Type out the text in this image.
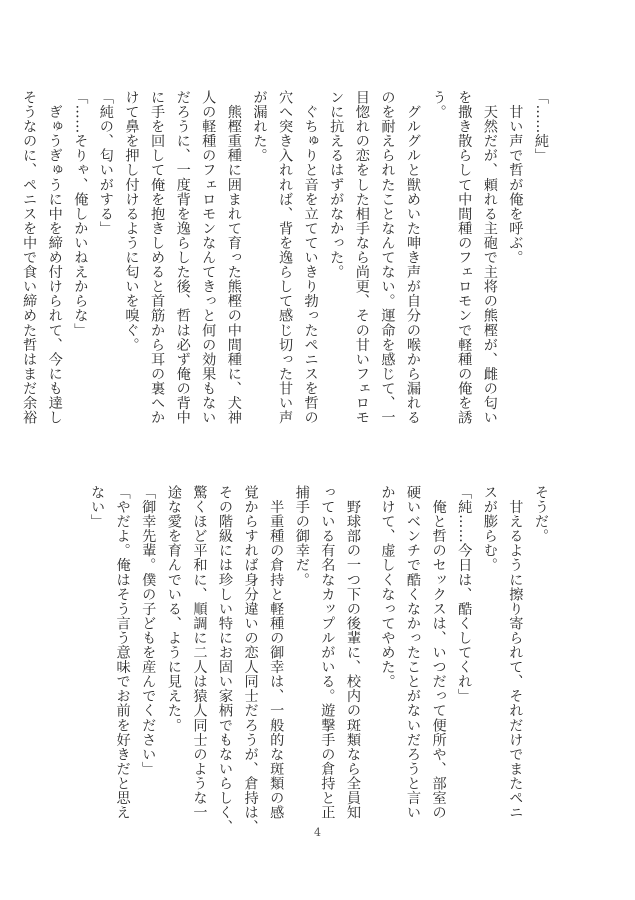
「……純」

　甘い声で哲が俺を呼ぶ。

　天然だが、頼れる主砲で主将の熊樫が、雌の匂い

を撒き散らして中間種のフェロモンで軽種の俺を誘

う。

　グルグルと獣めいた呻き声が自分の喉から漏れる

のを耐えられたことなんてない。運命を感じて、一

目惚れの恋をした相手なら尚更、その甘いフェロモ

ンに抗えるはずがなかった。

　ぐちゅりと音を立てていきり勃ったペニスを哲の

穴へ突き入れれば、背を逸らして感じ切った甘い声

が漏れた。

　熊樫重種に囲まれて育った熊樫の中間種に、犬神

人の軽種のフェロモンなんてきっと何の効果もない

だろうに、一度背を逸らした後、哲は必ず俺の背中

に手を回して俺を抱きしめると首筋から耳の裏へか

けて鼻を押し付けるように匂いを嗅ぐ。

「純の、匂いがする」

「……そりゃ、俺しかいねえからな」

　ぎゅうぎゅうに中を締め付けられて、今にも達し

そうなのに、ペニスを中で食い締めた哲はまだ余裕

そうだ。

　甘えるように擦り寄られて、それだけでまたペニ

スが膨らむ。

「純……今日は、酷くしてくれ」

　俺と哲のセックスは、いつだって便所や、部室の

硬いベンチで酷くなかったことがないだろうと言い

かけて、虚しくなってやめた。

　野球部の一つ下の後輩に、校内の斑類なら全員知

っている有名なカップルがいる。遊撃手の倉持と正

捕手の御幸だ。

　半重種の倉持と軽種の御幸は、一般的な斑類の感

覚からすれば身分違いの恋人同士だろうが、倉持は、

その階級には珍しい特にお固い家柄でもないらしく、

驚くほど平和に、順調に二人は猿人同士のような一

途な愛を育んでいる、ように見えた。

「御幸先輩。僕の子どもを産んでください」

「やだよ。俺はそう言う意味でお前を好きだと思え

ない」

4
